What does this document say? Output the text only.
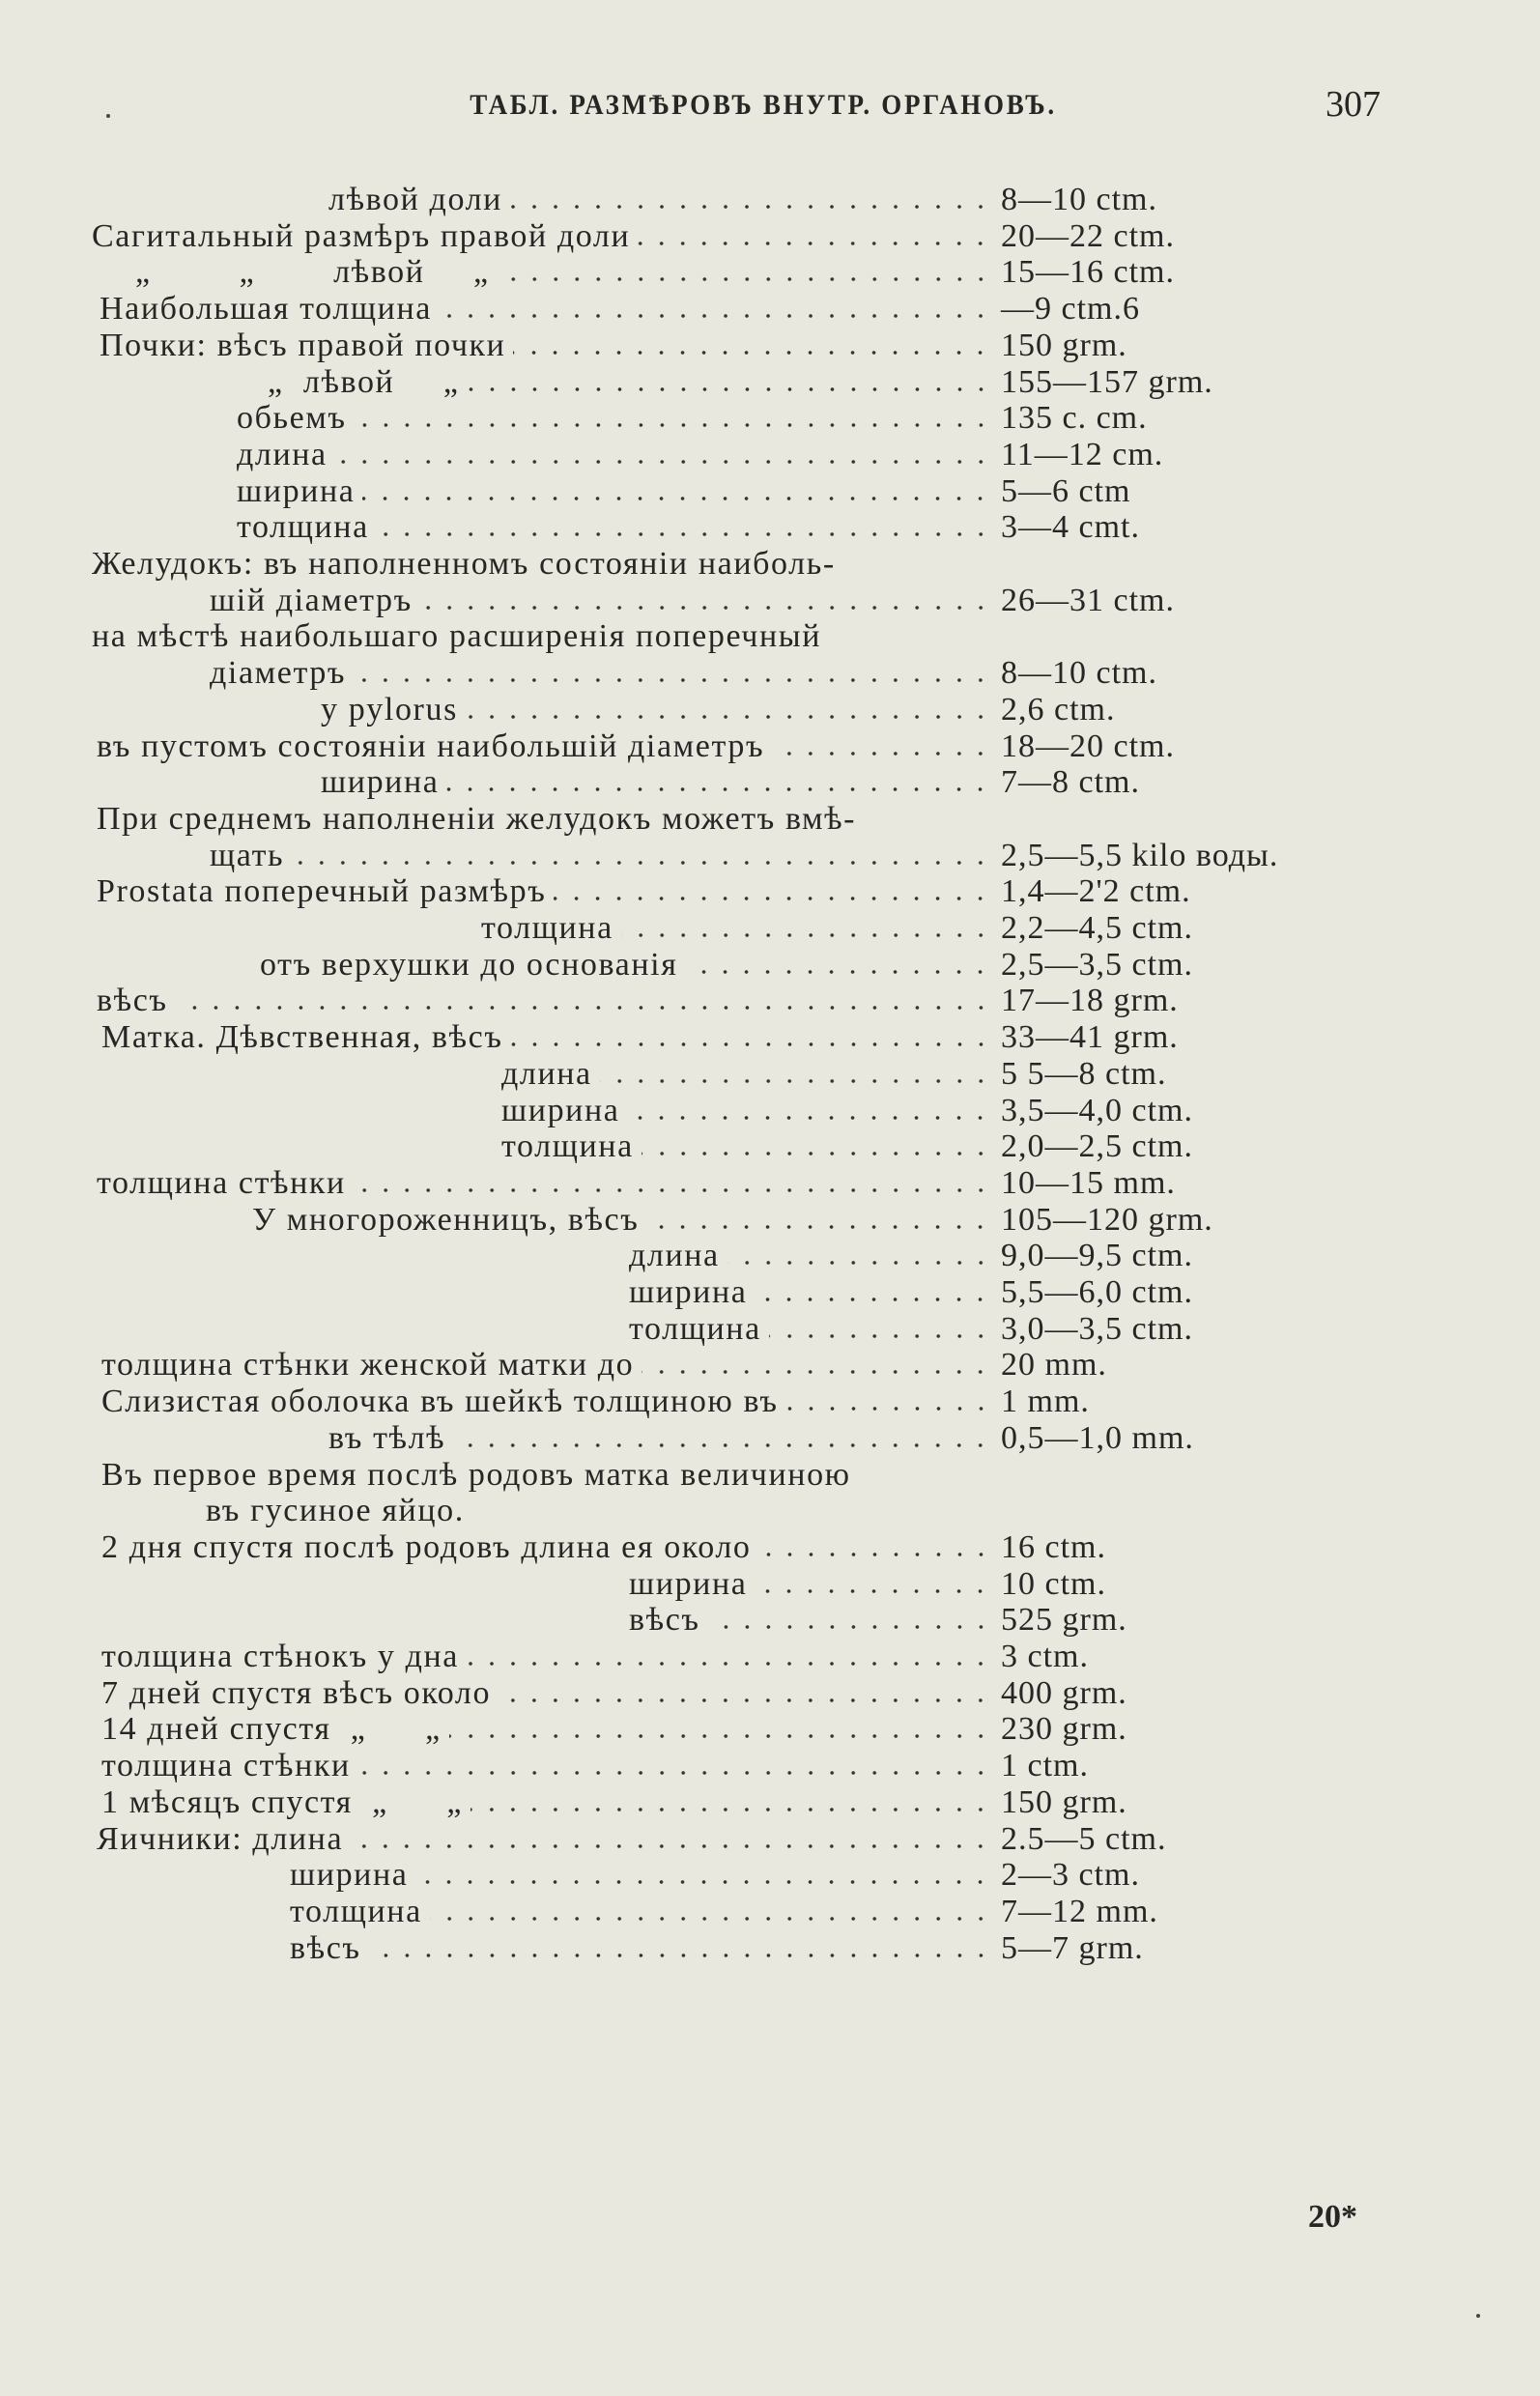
ТАБЛ. РАЗМѢРОВЪ ВНУТР. ОРГАНОВЪ.	307
8—10 ctm.
лѣвой доли
20—22 ctm.
Сагитальный размѣръ правой доли
15—16 ctm.
„         „        лѣвой     „
—9 ctm.6
Наибольшая толщина
150 grm.
Почки: вѣсъ правой почки
155—157 grm.
„  лѣвой     „
135 c. cm.
обьемъ
11—12 cm.
длина
5—6 ctm
ширина
3—4 cmt.
толщина
Желудокъ: въ наполненномъ состоянiи наиболь-
26—31 ctm.
шiй дiаметръ
на мѣстѣ наибольшаго расширенiя поперечный
8—10 ctm.
дiаметръ
2,6 ctm.
у pylorus
18—20 ctm.
въ пустомъ состоянiи наибольшiй дiаметръ
7—8 ctm.
ширина
При среднемъ наполненiи желудокъ можетъ вмѣ-
2,5—5,5 kilo воды.
щать
1,4—2'2 ctm.
Prostata поперечный размѣръ
2,2—4,5 ctm.
толщина
2,5—3,5 ctm.
отъ верхушки до основанiя
17—18 grm.
вѣсъ
33—41 grm.
Матка. Дѣвственная, вѣсъ
5 5—8 ctm.
длина
3,5—4,0 ctm.
ширина
2,0—2,5 ctm.
толщина
10—15 mm.
толщина стѣнки
105—120 grm.
У многороженницъ, вѣсъ
9,0—9,5 ctm.
длина
5,5—6,0 ctm.
ширина
3,0—3,5 ctm.
толщина
20 mm.
толщина стѣнки женской матки до
1 mm.
Слизистая оболочка въ шейкѣ толщиною въ
0,5—1,0 mm.
въ тѣлѣ
Въ первое время послѣ родовъ матка величиною
въ гусиное яйцо.
16 ctm.
2 дня спустя послѣ родовъ длина ея около
10 ctm.
ширина
525 grm.
вѣсъ
3 ctm.
толщина стѣнокъ у дна
400 grm.
7 дней спустя вѣсъ около
230 grm.
14 дней спустя  „      „
1 ctm.
толщина стѣнки
150 grm.
1 мѣсяцъ спустя  „      „
2.5—5 ctm.
Яичники: длина
2—3 ctm.
ширина
7—12 mm.
толщина
5—7 grm.
вѣсъ
20*
